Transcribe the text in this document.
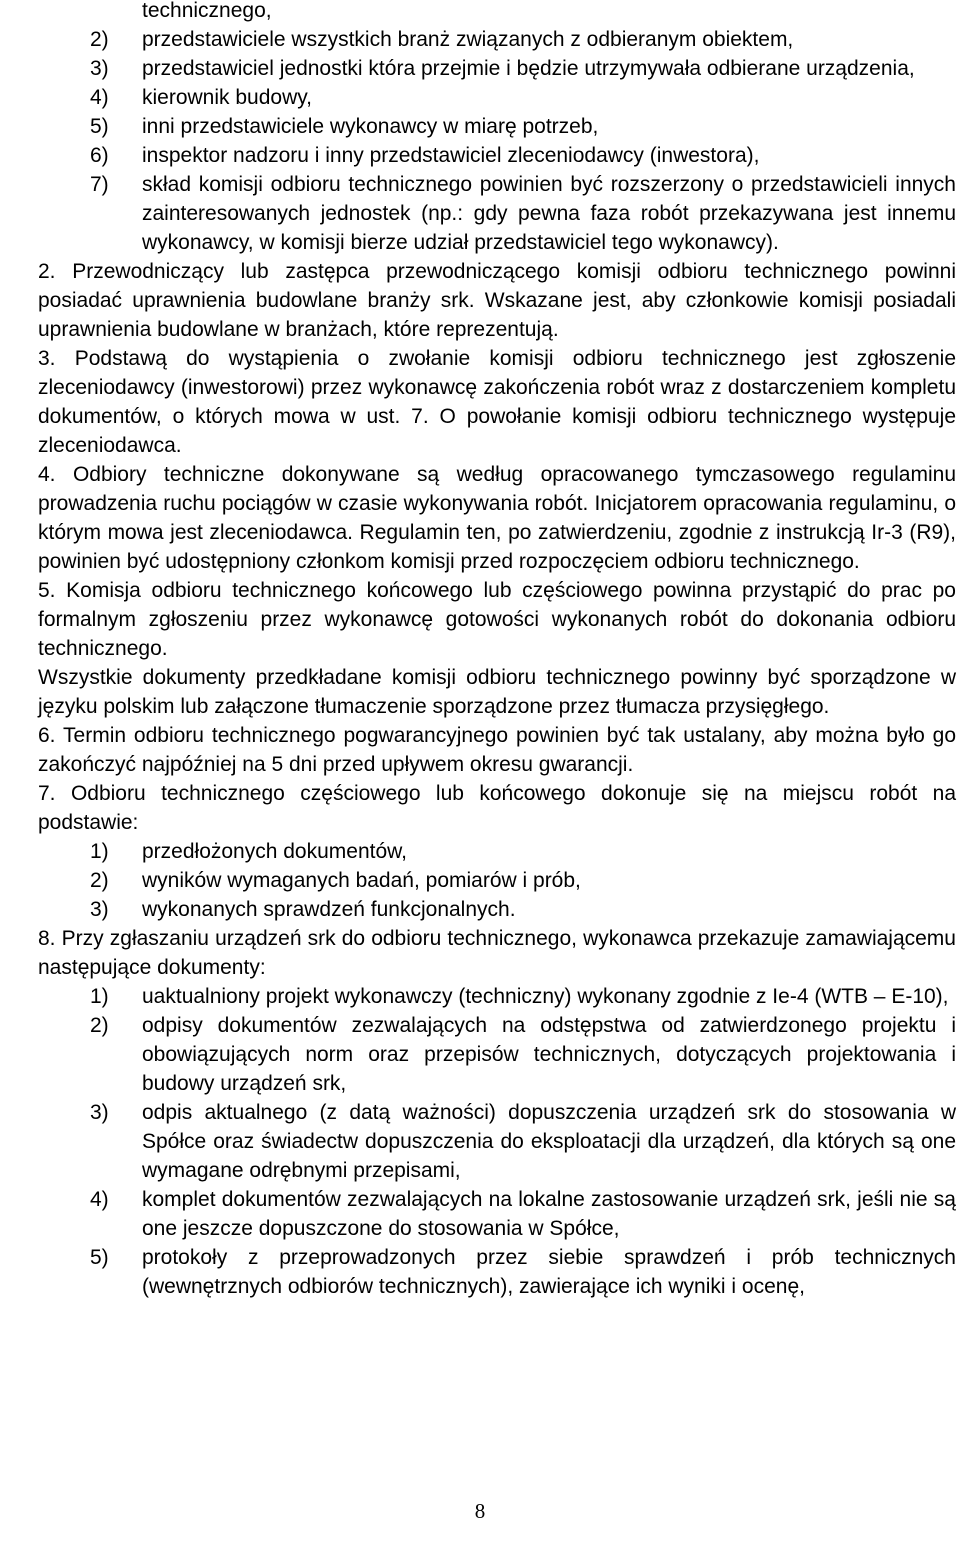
technicznego,
2)	przedstawiciele wszystkich branż związanych z odbieranym obiektem,
3)	przedstawiciel jednostki która przejmie i będzie utrzymywała odbierane urządzenia,
4)	kierownik budowy,
5)	inni przedstawiciele wykonawcy w miarę potrzeb,
6)	inspektor nadzoru i inny przedstawiciel zleceniodawcy (inwestora),
7)	skład komisji odbioru technicznego powinien być rozszerzony o przedstawicieli innych zainteresowanych jednostek (np.: gdy pewna faza robót przekazywana jest innemu wykonawcy, w komisji bierze udział przedstawiciel tego wykonawcy).
2. Przewodniczący lub zastępca przewodniczącego komisji odbioru technicznego powinni posiadać uprawnienia budowlane branży srk. Wskazane jest, aby członkowie komisji posiadali uprawnienia budowlane w branżach, które reprezentują.
3. Podstawą do wystąpienia o zwołanie komisji odbioru technicznego jest zgłoszenie zleceniodawcy (inwestorowi) przez wykonawcę zakończenia robót wraz z dostarczeniem kompletu dokumentów, o których mowa w ust. 7. O powołanie komisji odbioru technicznego występuje zleceniodawca.
4. Odbiory techniczne dokonywane są według opracowanego tymczasowego regulaminu prowadzenia ruchu pociągów w czasie wykonywania robót. Inicjatorem opracowania regulaminu, o którym mowa jest zleceniodawca. Regulamin ten, po zatwierdzeniu, zgodnie z instrukcją Ir-3 (R9), powinien być udostępniony członkom komisji przed rozpoczęciem odbioru technicznego.
5. Komisja odbioru technicznego końcowego lub częściowego powinna przystąpić do prac po formalnym zgłoszeniu przez wykonawcę gotowości wykonanych robót do dokonania odbioru technicznego.
Wszystkie dokumenty przedkładane komisji odbioru technicznego powinny być sporządzone w języku polskim lub załączone tłumaczenie sporządzone przez tłumacza przysięgłego.
6. Termin odbioru technicznego pogwarancyjnego powinien być tak ustalany, aby można było go zakończyć najpóźniej na 5 dni przed upływem okresu gwarancji.
7. Odbioru technicznego częściowego lub końcowego dokonuje się na miejscu robót na podstawie:
1)	przedłożonych dokumentów,
2)	wyników wymaganych badań, pomiarów i prób,
3)	wykonanych sprawdzeń funkcjonalnych.
8. Przy zgłaszaniu urządzeń srk do odbioru technicznego, wykonawca przekazuje zamawiającemu następujące dokumenty:
1)	uaktualniony projekt wykonawczy (techniczny) wykonany zgodnie z Ie-4 (WTB – E-10),
2)	odpisy dokumentów zezwalających na odstępstwa od zatwierdzonego projektu i obowiązujących norm oraz przepisów technicznych, dotyczących projektowania i budowy urządzeń srk,
3)	odpis aktualnego (z datą ważności) dopuszczenia urządzeń srk do stosowania w Spółce oraz świadectw dopuszczenia do eksploatacji dla urządzeń, dla których są one wymagane odrębnymi przepisami,
4)	komplet dokumentów zezwalających na lokalne zastosowanie urządzeń srk, jeśli nie są one jeszcze dopuszczone do stosowania w Spółce,
5)	protokoły z przeprowadzonych przez siebie sprawdzeń i prób technicznych (wewnętrznych odbiorów technicznych), zawierające ich wyniki i ocenę,
8
